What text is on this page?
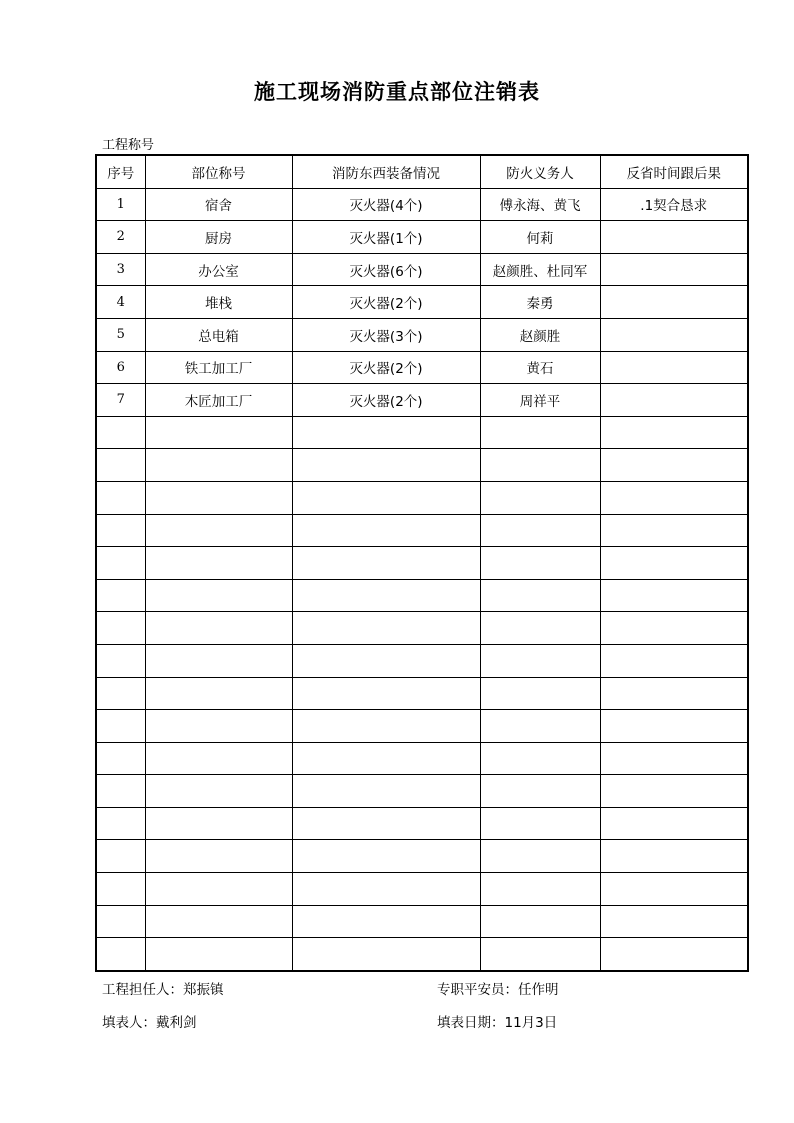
施工现场消防重点部位注销表
工程称号
序号	部位称号	消防东西装备情况	防火义务人	反省时间跟后果
1	宿舍	灭火器(4个)	傅永海、黄飞	.1契合恳求
2	厨房	灭火器(1个)	何莉	
3	办公室	灭火器(6个)	赵颜胜、杜同军	
4	堆栈	灭火器(2个)	秦勇	
5	总电箱	灭火器(3个)	赵颜胜	
6	铁工加工厂	灭火器(2个)	黄石	
7	木匠加工厂	灭火器(2个)	周祥平	

工程担任人：郑振镇	专职平安员：任作明
填表人：戴利剑	填表日期：11月3日
